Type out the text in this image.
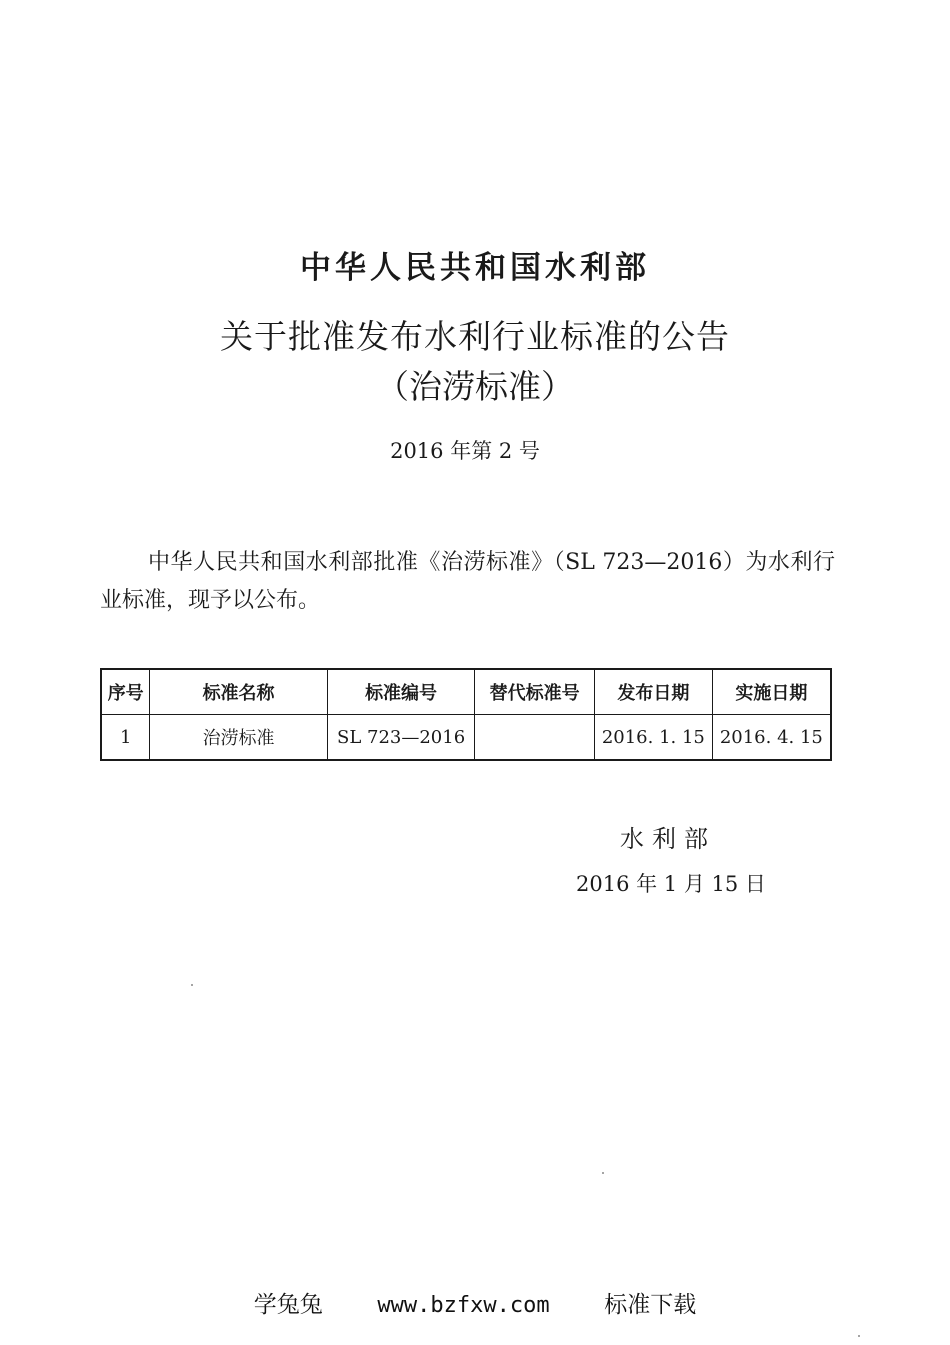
中华人民共和国水利部
关于批准发布水利行业标准的公告
（治涝标准）
2016 年第 2 号
中华人民共和国水利部批准《治涝标准》（SL 723—2016）为水利行业标准，现予以公布。
序号	标准名称	标准编号	替代标准号	发布日期	实施日期
1	治涝标准	SL 723—2016		2016. 1. 15	2016. 4. 15
水利部
2016 年 1 月 15 日
学兔兔 www.bzfxw.com 标准下载
